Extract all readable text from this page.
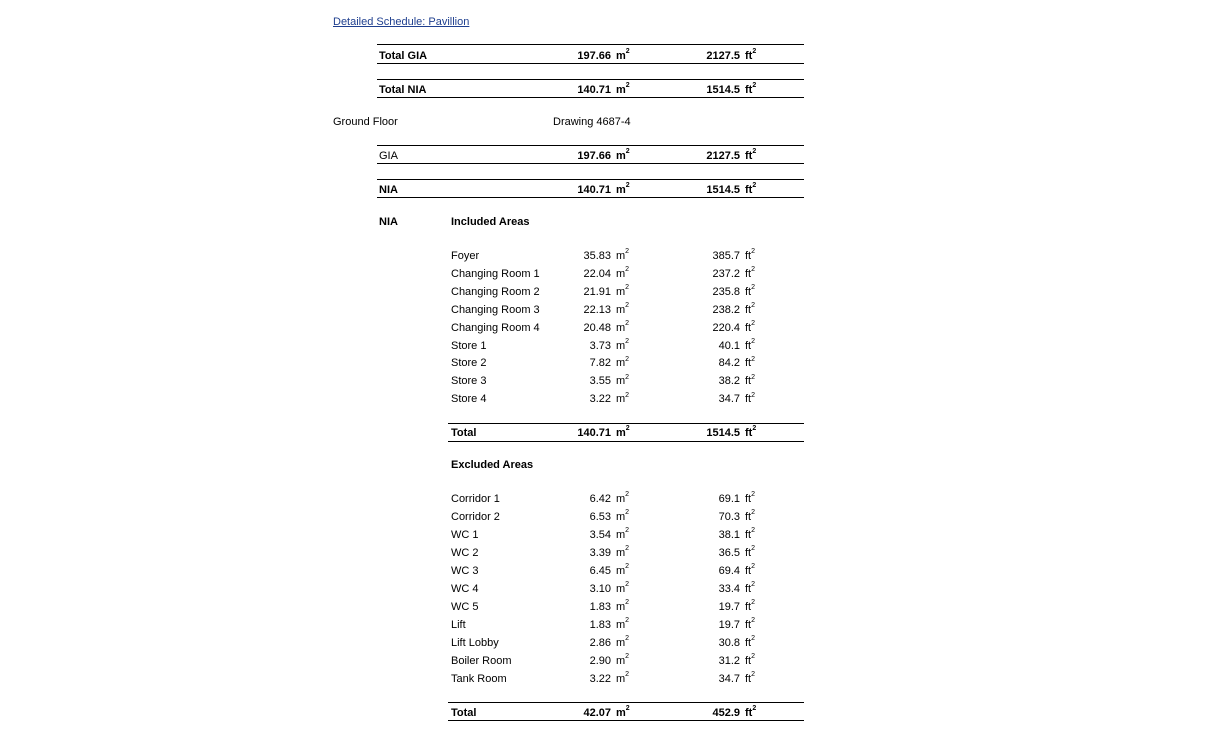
Detailed Schedule: Pavillion
Total GIA	197.66 $m^2$	2127.5 $ft^2$
Total NIA	140.71 $m^2$	1514.5 $ft^2$
Ground Floor	Drawing 4687-4
GIA	197.66 $m^2$	2127.5 $ft^2$
NIA	140.71 $m^2$	1514.5 $ft^2$
NIA	Included Areas
Foyer	35.83 $m^2$	385.7 $ft^2$
Changing Room 1	22.04 $m^2$	237.2 $ft^2$
Changing Room 2	21.91 $m^2$	235.8 $ft^2$
Changing Room 3	22.13 $m^2$	238.2 $ft^2$
Changing Room 4	20.48 $m^2$	220.4 $ft^2$
Store 1	3.73 $m^2$	40.1 $ft^2$
Store 2	7.82 $m^2$	84.2 $ft^2$
Store 3	3.55 $m^2$	38.2 $ft^2$
Store 4	3.22 $m^2$	34.7 $ft^2$
Total	140.71 $m^2$	1514.5 $ft^2$
Excluded Areas
Corridor 1	6.42 $m^2$	69.1 $ft^2$
Corridor 2	6.53 $m^2$	70.3 $ft^2$
WC 1	3.54 $m^2$	38.1 $ft^2$
WC 2	3.39 $m^2$	36.5 $ft^2$
WC 3	6.45 $m^2$	69.4 $ft^2$
WC 4	3.10 $m^2$	33.4 $ft^2$
WC 5	1.83 $m^2$	19.7 $ft^2$
Lift	1.83 $m^2$	19.7 $ft^2$
Lift Lobby	2.86 $m^2$	30.8 $ft^2$
Boiler Room	2.90 $m^2$	31.2 $ft^2$
Tank Room	3.22 $m^2$	34.7 $ft^2$
Total	42.07 $m^2$	452.9 $ft^2$
